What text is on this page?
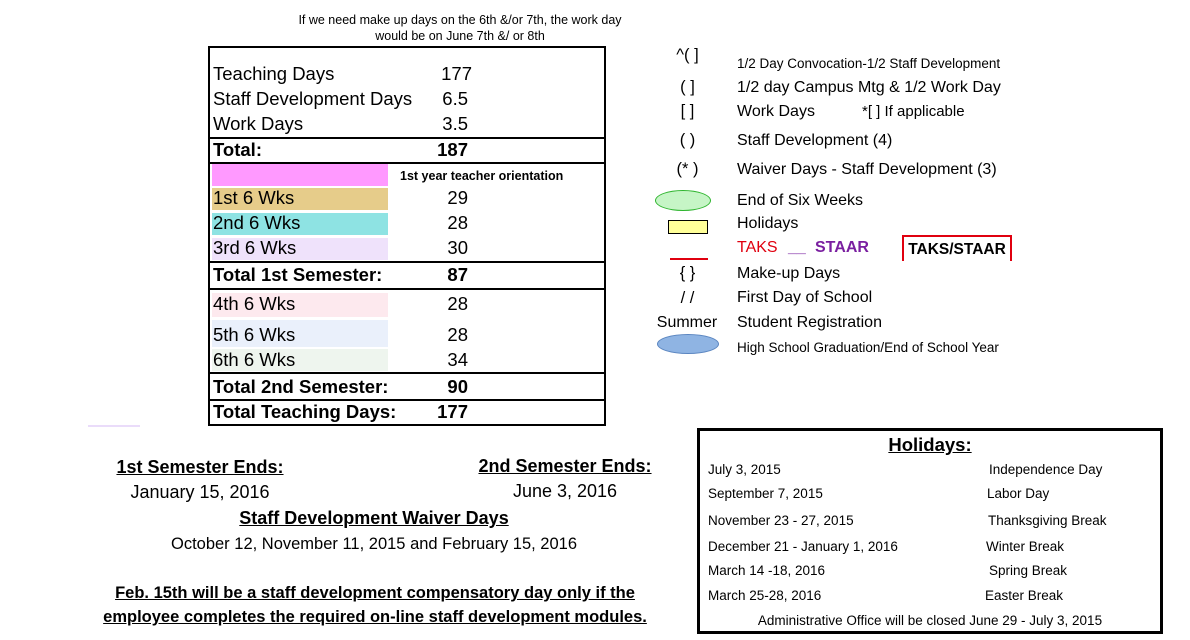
If we need make up days on the 6th &/or 7th, the work day
would be on June 7th &/ or 8th
Teaching Days	177
Staff Development Days	6.5
Work Days	3.5
Total:	187
1st year teacher orientation
1st 6 Wks	29
2nd 6 Wks	28
3rd 6 Wks	30
Total 1st Semester:	87
4th 6 Wks	28
5th 6 Wks	28
6th 6 Wks	34
Total 2nd Semester:	90
Total Teaching Days:	177
^( ]	1/2 Day Convocation-1/2 Staff Development
( ]	1/2 day Campus Mtg & 1/2 Work Day
[ ]	Work Days	*[ ] If applicable
( )	Staff Development (4)
(* )	Waiver Days - Staff Development (3)
End of Six Weeks
Holidays
TAKS __ STAAR	TAKS/STAAR
{ }	Make-up Days
/ /	First Day of School
Summer Student Registration
High School Graduation/End of School Year
1st Semester Ends:
January 15, 2016
2nd Semester Ends:
June 3, 2016
Staff Development Waiver Days
October 12, November 11, 2015 and February 15, 2016
Feb. 15th will be a staff development compensatory day only if the
employee completes the required on-line staff development modules.
Holidays:
July 3, 2015	Independence Day
September 7, 2015	Labor Day
November 23 - 27, 2015	Thanksgiving Break
December 21 - January 1, 2016	Winter Break
March 14 -18, 2016	Spring Break
March 25-28, 2016	Easter Break
Administrative Office will be closed June 29 - July 3, 2015
